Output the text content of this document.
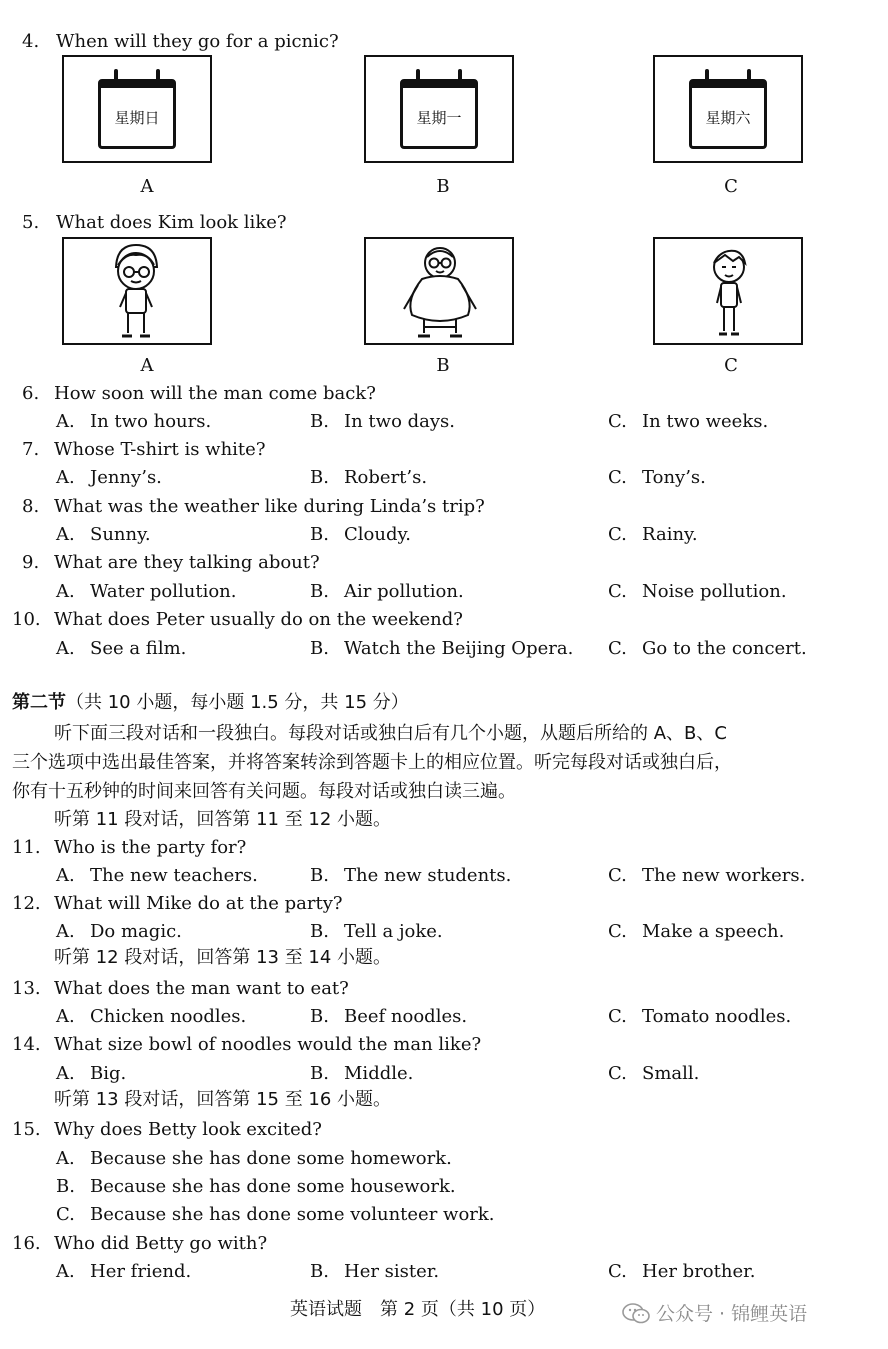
4. When will they go for a picnic?
星期日
A
星期一
B
星期六
C
5. What does Kim look like?
A	B	C
6. How soon will the man come back?
A. In two hours.	B. In two days.	C. In two weeks.
7. Whose T-shirt is white?
A. Jenny’s.	B. Robert’s.	C. Tony’s.
8. What was the weather like during Linda’s trip?
A. Sunny.	B. Cloudy.	C. Rainy.
9. What are they talking about?
A. Water pollution.	B. Air pollution.	C. Noise pollution.
10. What does Peter usually do on the weekend?
A. See a film.	B. Watch the Beijing Opera. C. Go to the concert.
第二节（共 10 小题，每小题 1.5 分，共 15 分）
听下面三段对话和一段独白。每段对话或独白后有几个小题，从题后所给的 A、B、C
三个选项中选出最佳答案，并将答案转涂到答题卡上的相应位置。听完每段对话或独白后，
你有十五秒钟的时间来回答有关问题。每段对话或独白读三遍。
听第 11 段对话，回答第 11 至 12 小题。
11. Who is the party for?
A. The new teachers.	B. The new students.	C. The new workers.
12. What will Mike do at the party?
A. Do magic.	B. Tell a joke.	C. Make a speech.
听第 12 段对话，回答第 13 至 14 小题。
13. What does the man want to eat?
A. Chicken noodles.	B. Beef noodles.	C. Tomato noodles.
14. What size bowl of noodles would the man like?
A. Big.	B. Middle.	C. Small.
听第 13 段对话，回答第 15 至 16 小题。
15. Why does Betty look excited?
A. Because she has done some homework.
B. Because she has done some housework.
C. Because she has done some volunteer work.
16. Who did Betty go with?
A. Her friend.	B. Her sister.	C. Her brother.
英语试题　第 2 页（共 10 页）	公众号 · 锦鲤英语
